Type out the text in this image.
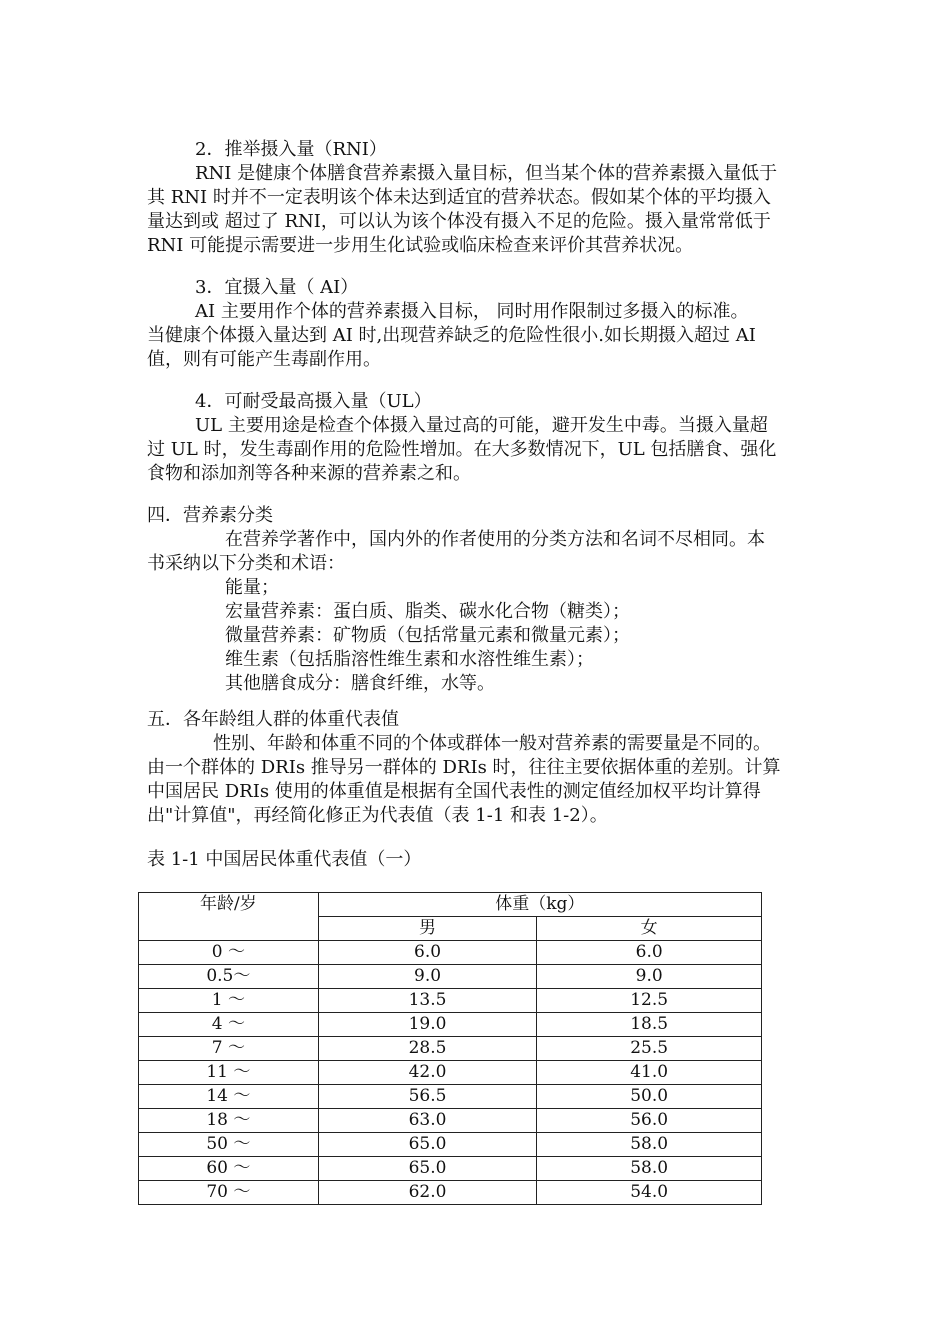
2．推举摄入量（RNI）
RNI 是健康个体膳食营养素摄入量目标，但当某个体的营养素摄入量低于
其 RNI 时并不一定表明该个体未达到适宜的营养状态。假如某个体的平均摄入
量达到或 超过了 RNI，可以认为该个体没有摄入不足的危险。摄入量常常低于
RNI 可能提示需要进一步用生化试验或临床检查来评价其营养状况。
3．宜摄入量（ AI）
AI 主要用作个体的营养素摄入目标， 同时用作限制过多摄入的标准。
当健康个体摄入量达到 AI 时,出现营养缺乏的危险性很小.如长期摄入超过 AI
值，则有可能产生毒副作用。
4．可耐受最高摄入量（UL）
UL 主要用途是检查个体摄入量过高的可能，避开发生中毒。当摄入量超
过 UL 时，发生毒副作用的危险性增加。在大多数情况下，UL 包括膳食、强化
食物和添加剂等各种来源的营养素之和。
四．营养素分类
在营养学著作中，国内外的作者使用的分类方法和名词不尽相同。本
书采纳以下分类和术语：
能量；
宏量营养素：蛋白质、脂类、碳水化合物（糖类）；
微量营养素：矿物质（包括常量元素和微量元素）；
维生素（包括脂溶性维生素和水溶性维生素）；
其他膳食成分：膳食纤维，水等。
五．各年龄组人群的体重代表值
性别、年龄和体重不同的个体或群体一般对营养素的需要量是不同的。
由一个群体的 DRIs 推导另一群体的 DRIs 时，往往主要依据体重的差别。计算
中国居民 DRIs 使用的体重值是根据有全国代表性的测定值经加权平均计算得
出"计算值"，再经简化修正为代表值（表 1-1 和表 1-2）。
表 1-1 中国居民体重代表值（一）
年龄/岁	体重（kg）	
	男	女
0 ～	6.0	6.0
0.5～	9.0	9.0
1 ～	13.5	12.5
4 ～	19.0	18.5
7 ～	28.5	25.5
11 ～	42.0	41.0
14 ～	56.5	50.0
18 ～	63.0	56.0
50 ～	65.0	58.0
60 ～	65.0	58.0
70 ～	62.0	54.0
